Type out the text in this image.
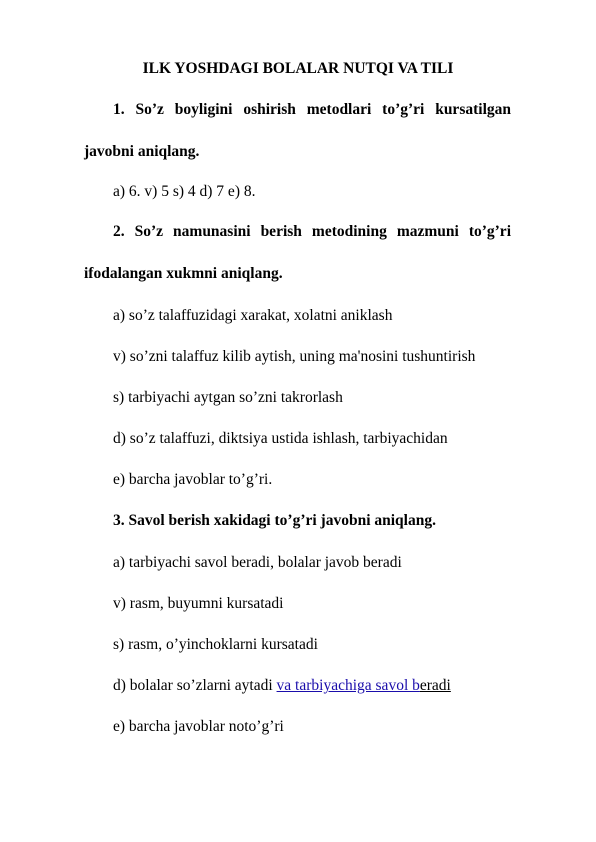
ILK YOSHDAGI BOLALAR NUTQI VA TILI
1. So’z boyligini oshirish metodlari to’g’ri kursatilgan
javobni aniqlang.
a) 6. v) 5 s) 4 d) 7 e) 8.
2. So’z namunasini berish metodining mazmuni to’g’ri
ifodalangan xukmni aniqlang.
a) so’z talaffuzidagi xarakat, xolatni aniklash
v) so’zni talaffuz kilib aytish, uning ma'nosini tushuntirish
s) tarbiyachi aytgan so’zni takrorlash
d) so’z talaffuzi, diktsiya ustida ishlash, tarbiyachidan
e) barcha javoblar to’g’ri.
3. Savol berish xakidagi to’g’ri javobni aniqlang.
a) tarbiyachi savol beradi, bolalar javob beradi
v) rasm, buyumni kursatadi
s) rasm, o’yinchoklarni kursatadi
d) bolalar so’zlarni aytadi va tarbiyachiga savol beradi
e) barcha javoblar noto’g’ri
